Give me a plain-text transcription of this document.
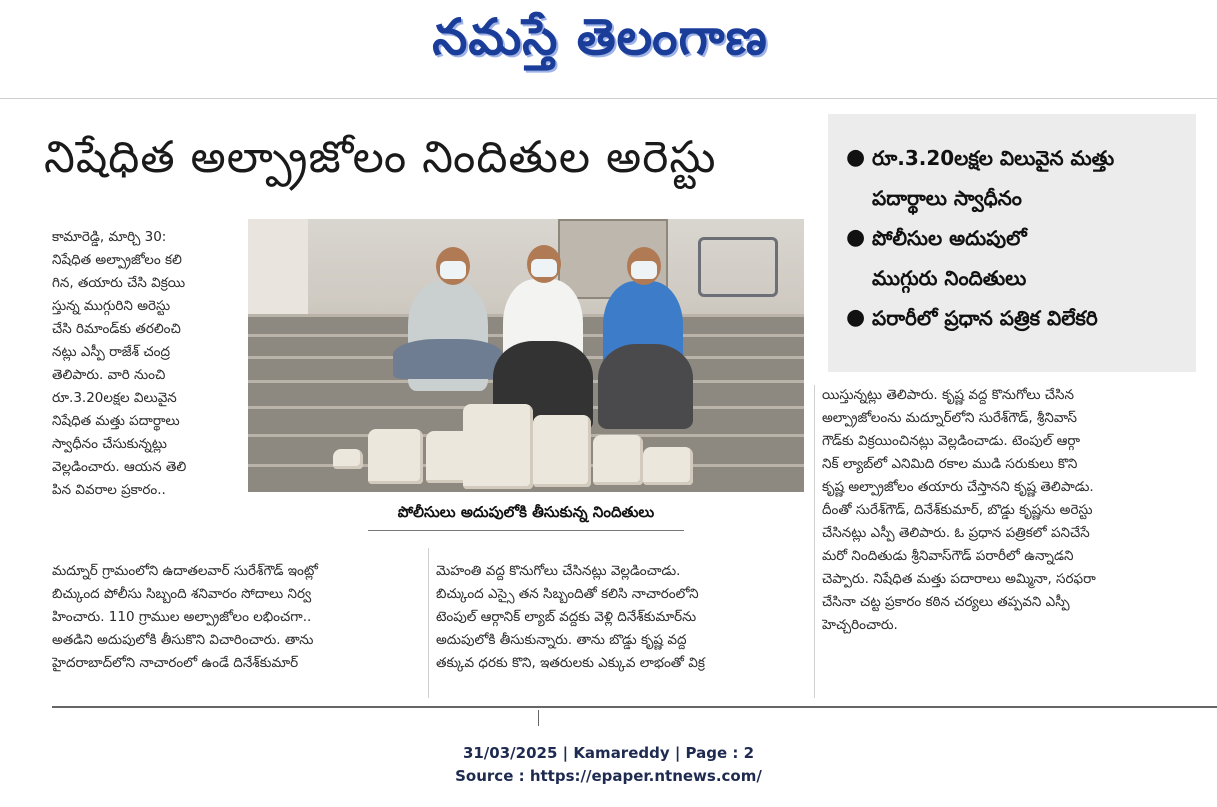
నమస్తే తెలంగాణ
నిషేధిత అల్ప్రాజోలం నిందితుల అరెస్టు	● రూ.3.20లక్షల విలువైన మత్తు
పదార్థాలు స్వాధీనం
● పోలీసుల అదుపులో
ముగ్గురు నిందితులు
● పరారీలో ప్రధాన పత్రిక విలేకరి

కామారెడ్డి, మార్చి 30:

నిషేధిత అల్ప్రాజోలం కలి

గిన, తయారు చేసి విక్రయి

స్తున్న ముగ్గురిని అరెస్టు

చేసి రిమాండ్‌కు తరలించి

నట్లు ఎస్పీ రాజేశ్ చంద్ర

తెలిపారు. వారి నుంచి

రూ.3.20లక్షల విలువైన

నిషేధిత మత్తు పదార్థాలు

స్వాధీనం చేసుకున్నట్లు

వెల్లడించారు. ఆయన తెలి

పిన వివరాల ప్రకారం..

పోలీసులు అదుపులోకి తీసుకున్న నిందితులు

మద్నూర్ గ్రామంలోని ఉదాతలవార్ సురేశ్‌గౌడ్ ఇంట్లో

బిచ్కుంద పోలీసు సిబ్బంది శనివారం సోదాలు నిర్వ

హించారు. 110 గ్రాముల అల్ప్రాజోలం లభించగా..

అతడిని అదుపులోకి తీసుకొని విచారించారు. తాను

హైదరాబాద్‌లోని నాచారంలో ఉండే దినేశ్‌కుమార్

మెహంతి వద్ద కొనుగోలు చేసినట్లు వెల్లడించాడు.

బిచ్కుంద ఎస్సై తన సిబ్బందితో కలిసి నాచారంలోని

టెంపుల్ ఆర్గానిక్ ల్యాబ్ వద్దకు వెళ్లి దినేశ్‌కుమార్‌ను

అదుపులోకి తీసుకున్నారు. తాను బొడ్డు కృష్ణ వద్ద

తక్కువ ధరకు కొని, ఇతరులకు ఎక్కువ లాభంతో విక్ర

యిస్తున్నట్లు తెలిపారు. కృష్ణ వద్ద కొనుగోలు చేసిన

అల్ప్రాజోలంను మద్నూర్‌లోని సురేశ్‌గౌడ్, శ్రీనివాస్

గౌడ్‌కు విక్రయించినట్లు వెల్లడించాడు. టెంపుల్ ఆర్గా

నిక్ ల్యాబ్‌లో ఎనిమిది రకాల ముడి సరుకులు కొని

కృష్ణ అల్ప్రాజోలం తయారు చేస్తానని కృష్ణ తెలిపాడు.

దీంతో సురేశ్‌గౌడ్, దినేశ్‌కుమార్, బొడ్డు కృష్ణను అరెస్టు

చేసినట్లు ఎస్పీ తెలిపారు. ఓ ప్రధాన పత్రికలో పనిచేసే

మరో నిందితుడు శ్రీనివాస్‌గౌడ్ పరారీలో ఉన్నాడని

చెప్పారు. నిషేధిత మత్తు పదారాలు అమ్మినా, సరఫరా

చేసినా చట్ట ప్రకారం కఠిన చర్యలు తప్పవని ఎస్పీ

హెచ్చరించారు.

31/03/2025 | Kamareddy | Page : 2
Source : https://epaper.ntnews.com/
